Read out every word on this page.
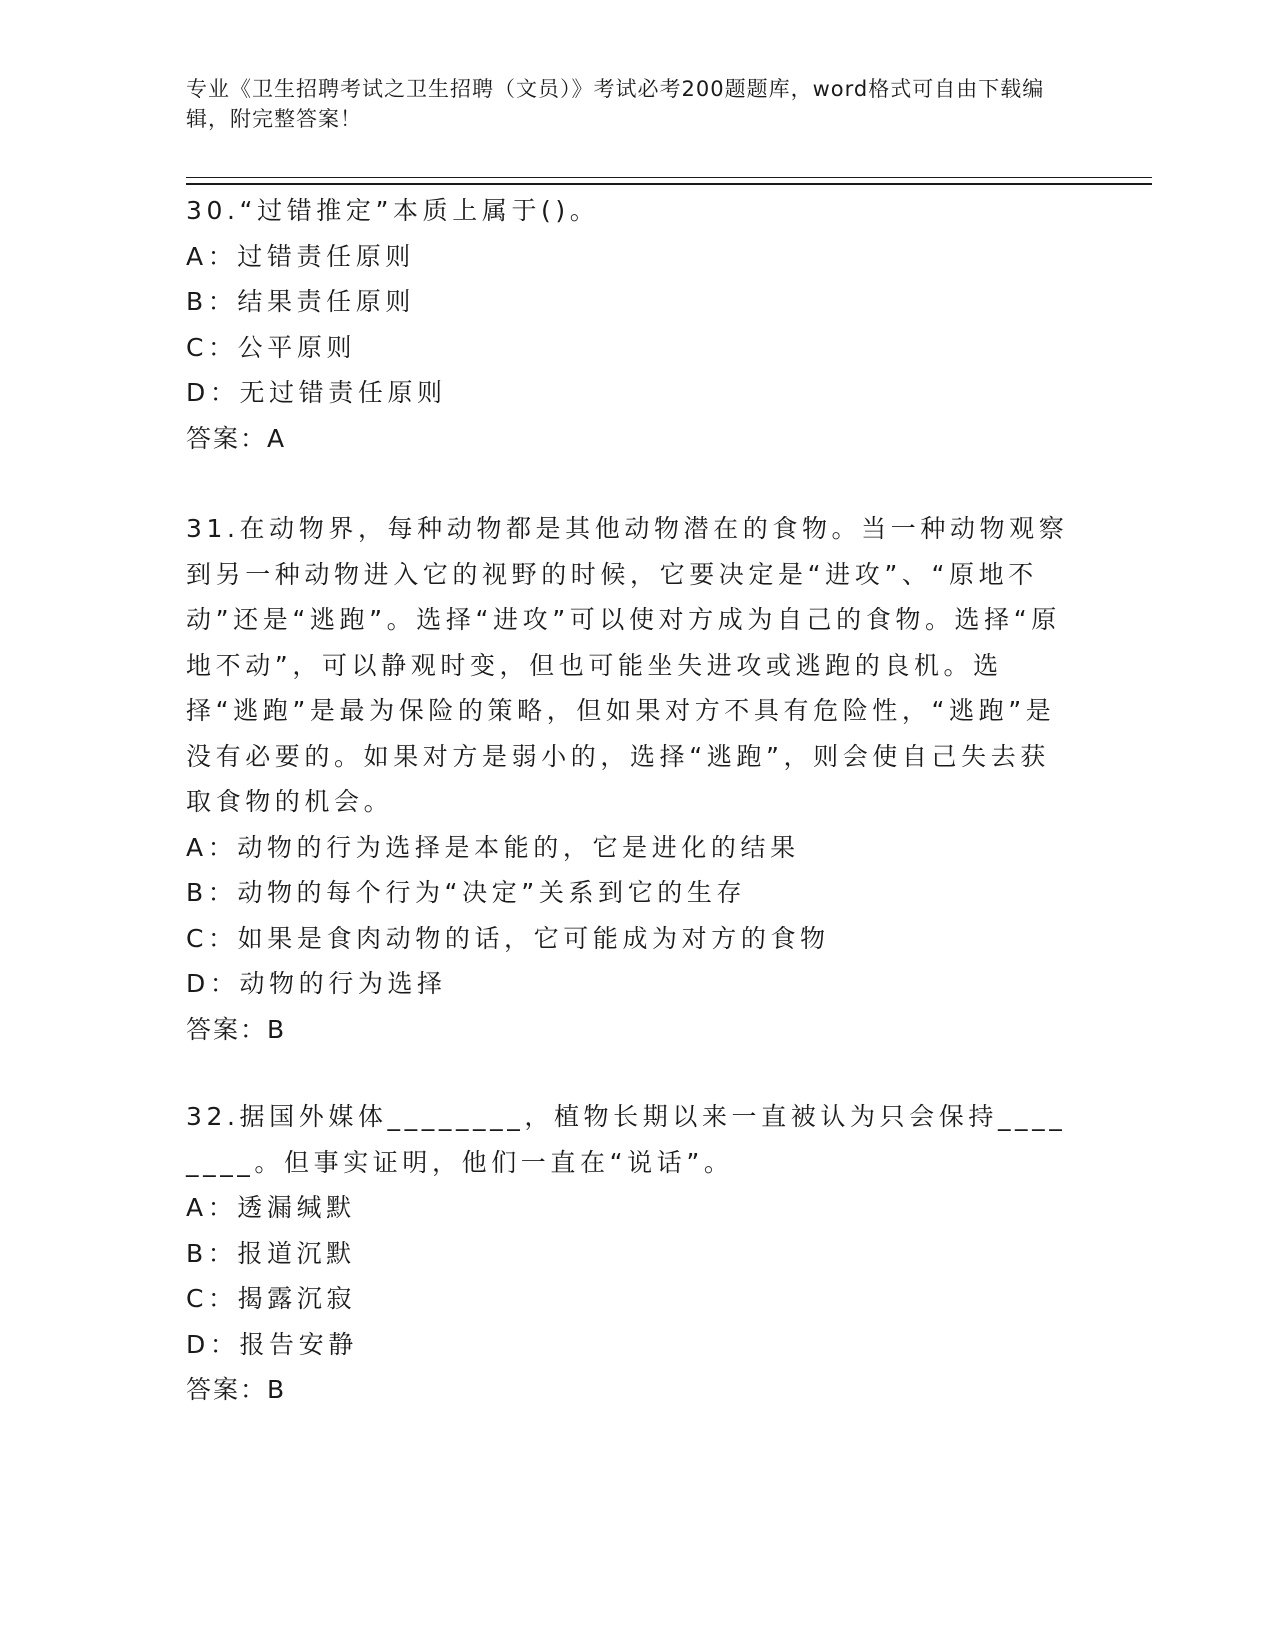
专业《卫生招聘考试之卫生招聘（文员）》考试必考200题题库，word格式可自由下载编辑，附完整答案！
30.“过错推定”本质上属于()。
A：过错责任原则
B：结果责任原则
C：公平原则
D：无过错责任原则
答案：A
31.在动物界，每种动物都是其他动物潜在的食物。当一种动物观察到另一种动物进入它的视野的时候，它要决定是“进攻”、“原地不动”还是“逃跑”。选择“进攻”可以使对方成为自己的食物。选择“原地不动”，可以静观时变，但也可能坐失进攻或逃跑的良机。选择“逃跑”是最为保险的策略，但如果对方不具有危险性，“逃跑”是没有必要的。如果对方是弱小的，选择“逃跑”，则会使自己失去获取食物的机会。
A：动物的行为选择是本能的，它是进化的结果
B：动物的每个行为“决定”关系到它的生存
C：如果是食肉动物的话，它可能成为对方的食物
D：动物的行为选择
答案：B
32.据国外媒体________，植物长期以来一直被认为只会保持________。但事实证明，他们一直在“说话”。
A：透漏缄默
B：报道沉默
C：揭露沉寂
D：报告安静
答案：B
